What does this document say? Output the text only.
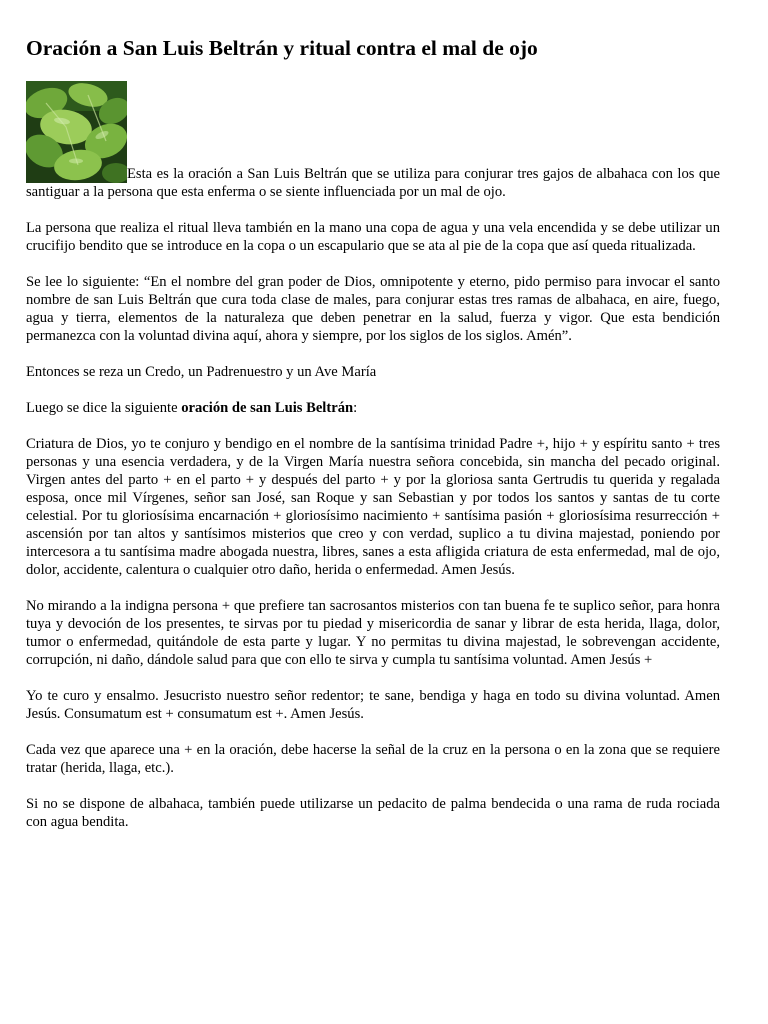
Oración a San Luis Beltrán y ritual contra el mal de ojo
Esta es la oración a San Luis Beltrán que se utiliza para conjurar tres gajos de albahaca con los que santiguar a la persona que esta enferma o se siente influenciada por un mal de ojo.
La persona que realiza el ritual lleva también en la mano una copa de agua y una vela encendida y se debe utilizar un crucifijo bendito que se introduce en la copa o un escapulario que se ata al pie de la copa que así queda ritualizada.
Se lee lo siguiente: “En el nombre del gran poder de Dios, omnipotente y eterno, pido permiso para invocar el santo nombre de san Luis Beltrán que cura toda clase de males, para conjurar estas tres ramas de albahaca, en aire, fuego, agua y tierra, elementos de la naturaleza que deben penetrar en la salud, fuerza y vigor. Que esta bendición permanezca con la voluntad divina aquí, ahora y siempre, por los siglos de los siglos. Amén”.
Entonces se reza un Credo, un Padrenuestro y un Ave María
Luego se dice la siguiente oración de san Luis Beltrán:
Criatura de Dios, yo te conjuro y bendigo en el nombre de la santísima trinidad Padre +, hijo + y espíritu santo + tres personas y una esencia verdadera, y de la Virgen María nuestra señora concebida, sin mancha del pecado original. Virgen antes del parto + en el parto + y después del parto + y por la gloriosa santa Gertrudis tu querida y regalada esposa, once mil Vírgenes, señor san José, san Roque y san Sebastian y por todos los santos y santas de tu corte celestial. Por tu gloriosísima encarnación + gloriosísimo nacimiento + santísima pasión + gloriosísima resurrección + ascensión por tan altos y santísimos misterios que creo y con verdad, suplico a tu divina majestad, poniendo por intercesora a tu santísima madre abogada nuestra, libres, sanes a esta afligida criatura de esta enfermedad, mal de ojo, dolor, accidente, calentura o cualquier otro daño, herida o enfermedad. Amen Jesús.
No mirando a la indigna persona + que prefiere tan sacrosantos misterios con tan buena fe te suplico señor, para honra tuya y devoción de los presentes, te sirvas por tu piedad y misericordia de sanar y librar de esta herida, llaga, dolor, tumor o enfermedad, quitándole de esta parte y lugar. Y no permitas tu divina majestad, le sobrevengan accidente, corrupción, ni daño, dándole salud para que con ello te sirva y cumpla tu santísima voluntad. Amen Jesús +
Yo te curo y ensalmo. Jesucristo nuestro señor redentor; te sane, bendiga y haga en todo su divina voluntad. Amen Jesús. Consumatum est + consumatum est +. Amen Jesús.
Cada vez que aparece una + en la oración, debe hacerse la señal de la cruz en la persona o en la zona que se requiere tratar (herida, llaga, etc.).
Si no se dispone de albahaca, también puede utilizarse un pedacito de palma bendecida o una rama de ruda rociada con agua bendita.
